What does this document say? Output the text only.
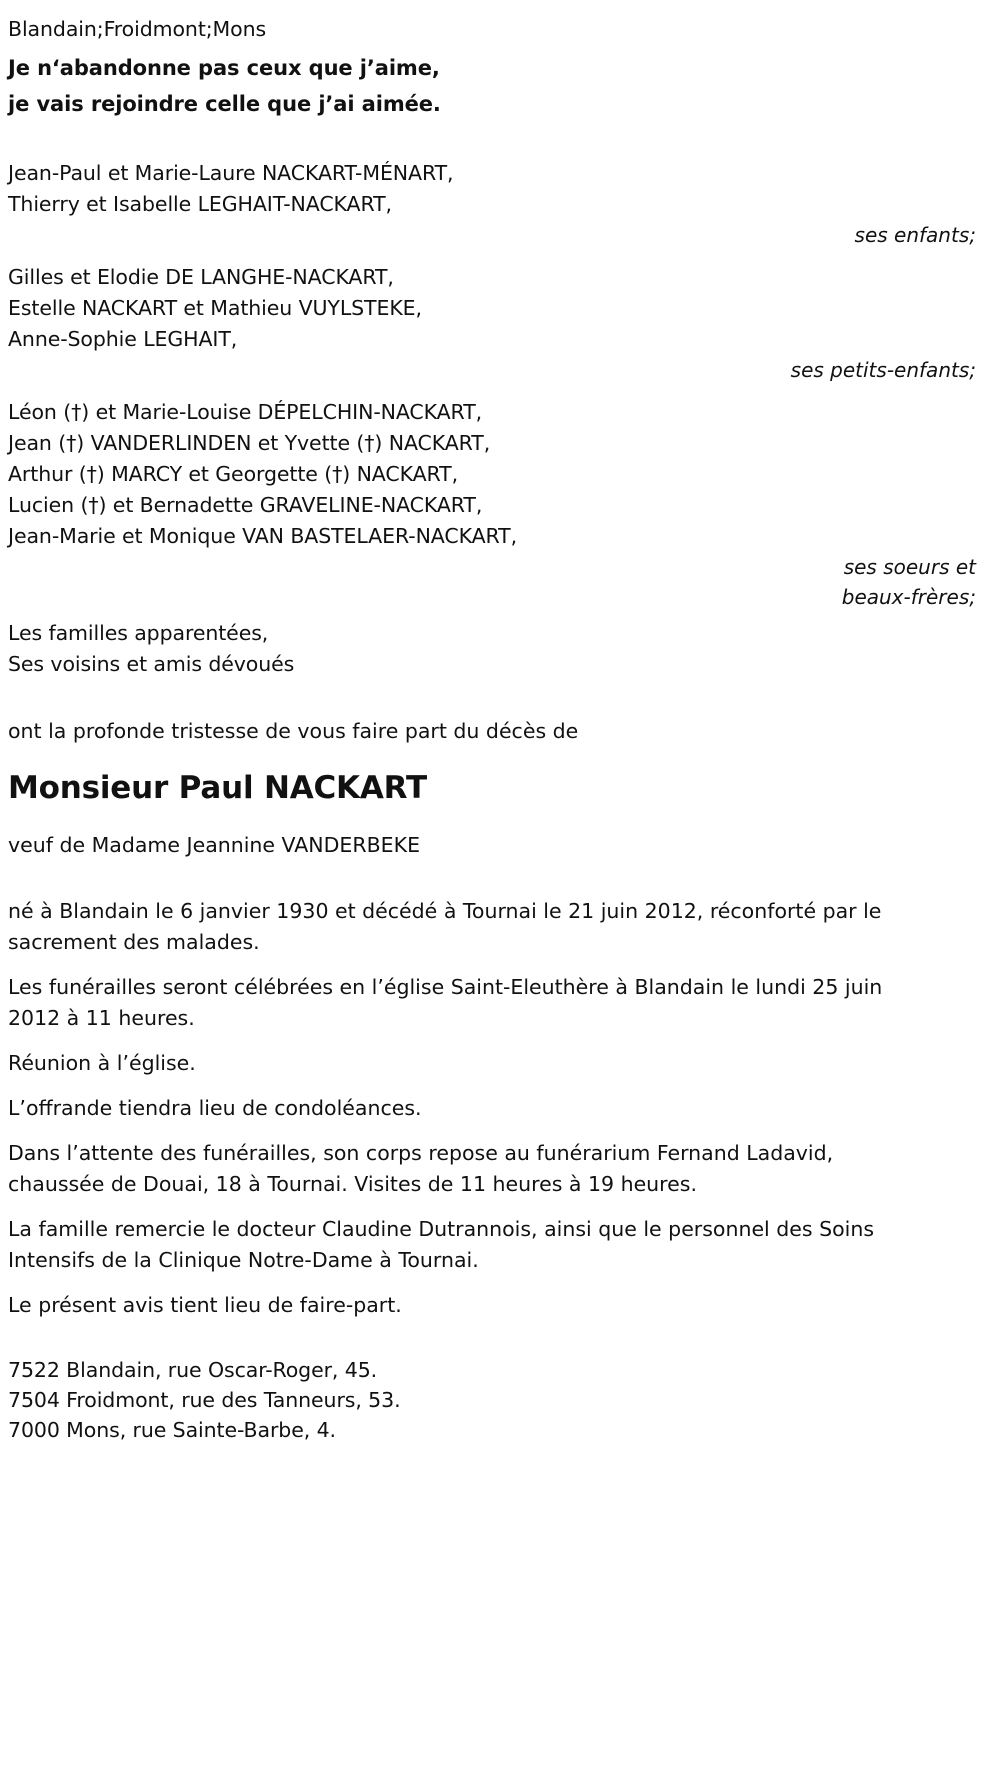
Blandain;Froidmont;Mons
Je n‘abandonne pas ceux que j’aime,
je vais rejoindre celle que j’ai aimée.
Jean-Paul et Marie-Laure NACKART-MÉNART,
Thierry et Isabelle LEGHAIT-NACKART,
ses enfants;
Gilles et Elodie DE LANGHE-NACKART,
Estelle NACKART et Mathieu VUYLSTEKE,
Anne-Sophie LEGHAIT,
ses petits-enfants;
Léon (†) et Marie-Louise DÉPELCHIN-NACKART,
Jean (†) VANDERLINDEN et Yvette (†) NACKART,
Arthur (†) MARCY et Georgette (†) NACKART,
Lucien (†) et Bernadette GRAVELINE-NACKART,
Jean-Marie et Monique VAN BASTELAER-NACKART,
ses soeurs et
beaux-frères;
Les familles apparentées,
Ses voisins et amis dévoués
ont la profonde tristesse de vous faire part du décès de
Monsieur Paul NACKART
veuf de Madame Jeannine VANDERBEKE
né à Blandain le 6 janvier 1930 et décédé à Tournai le 21 juin 2012, réconforté par le sacrement des malades.
Les funérailles seront célébrées en l’église Saint-Eleuthère à Blandain le lundi 25 juin 2012 à 11 heures.
Réunion à l’église.
L’offrande tiendra lieu de condoléances.
Dans l’attente des funérailles, son corps repose au funérarium Fernand Ladavid, chaussée de Douai, 18 à Tournai. Visites de 11 heures à 19 heures.
La famille remercie le docteur Claudine Dutrannois, ainsi que le personnel des Soins Intensifs de la Clinique Notre-Dame à Tournai.
Le présent avis tient lieu de faire-part.
7522 Blandain, rue Oscar-Roger, 45.
7504 Froidmont, rue des Tanneurs, 53.
7000 Mons, rue Sainte-Barbe, 4.
